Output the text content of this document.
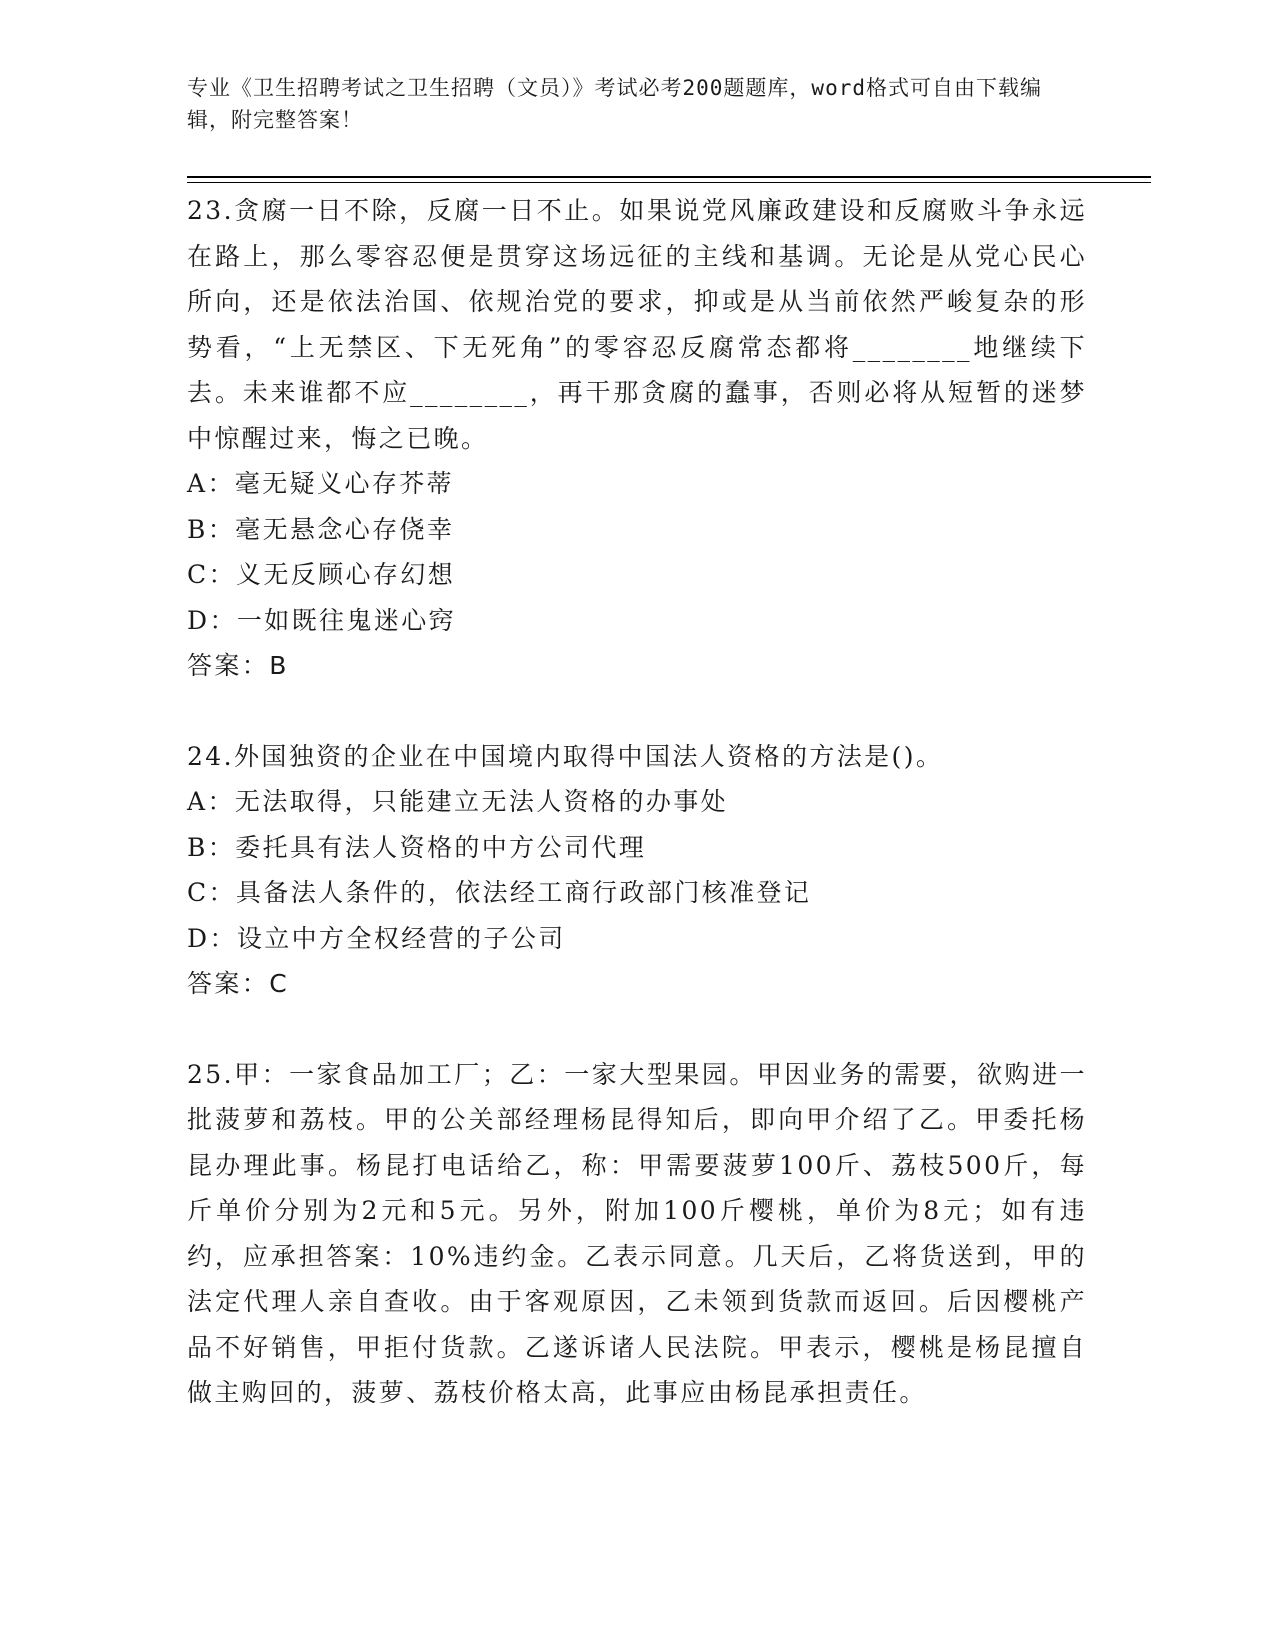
专业《卫生招聘考试之卫生招聘（文员）》考试必考200题题库，word格式可自由下载编辑，附完整答案！

23.贪腐一日不除，反腐一日不止。如果说党风廉政建设和反腐败斗争永远在路上，那么零容忍便是贯穿这场远征的主线和基调。无论是从党心民心所向，还是依法治国、依规治党的要求，抑或是从当前依然严峻复杂的形势看，“上无禁区、下无死角”的零容忍反腐常态都将________地继续下去。未来谁都不应________，再干那贪腐的蠢事，否则必将从短暂的迷梦中惊醒过来，悔之已晚。

A：毫无疑义心存芥蒂

B：毫无悬念心存侥幸

C：义无反顾心存幻想

D：一如既往鬼迷心窍

答案：B

24.外国独资的企业在中国境内取得中国法人资格的方法是()。

A：无法取得，只能建立无法人资格的办事处

B：委托具有法人资格的中方公司代理

C：具备法人条件的，依法经工商行政部门核准登记

D：设立中方全权经营的子公司

答案：C

25.甲：一家食品加工厂；乙：一家大型果园。甲因业务的需要，欲购进一批菠萝和荔枝。甲的公关部经理杨昆得知后，即向甲介绍了乙。甲委托杨昆办理此事。杨昆打电话给乙，称：甲需要菠萝100斤、荔枝500斤，每斤单价分别为2元和5元。另外，附加100斤樱桃，单价为8元；如有违约，应承担答案：10%违约金。乙表示同意。几天后，乙将货送到，甲的法定代理人亲自查收。由于客观原因，乙未领到货款而返回。后因樱桃产品不好销售，甲拒付货款。乙遂诉诸人民法院。甲表示，樱桃是杨昆擅自做主购回的，菠萝、荔枝价格太高，此事应由杨昆承担责任。
